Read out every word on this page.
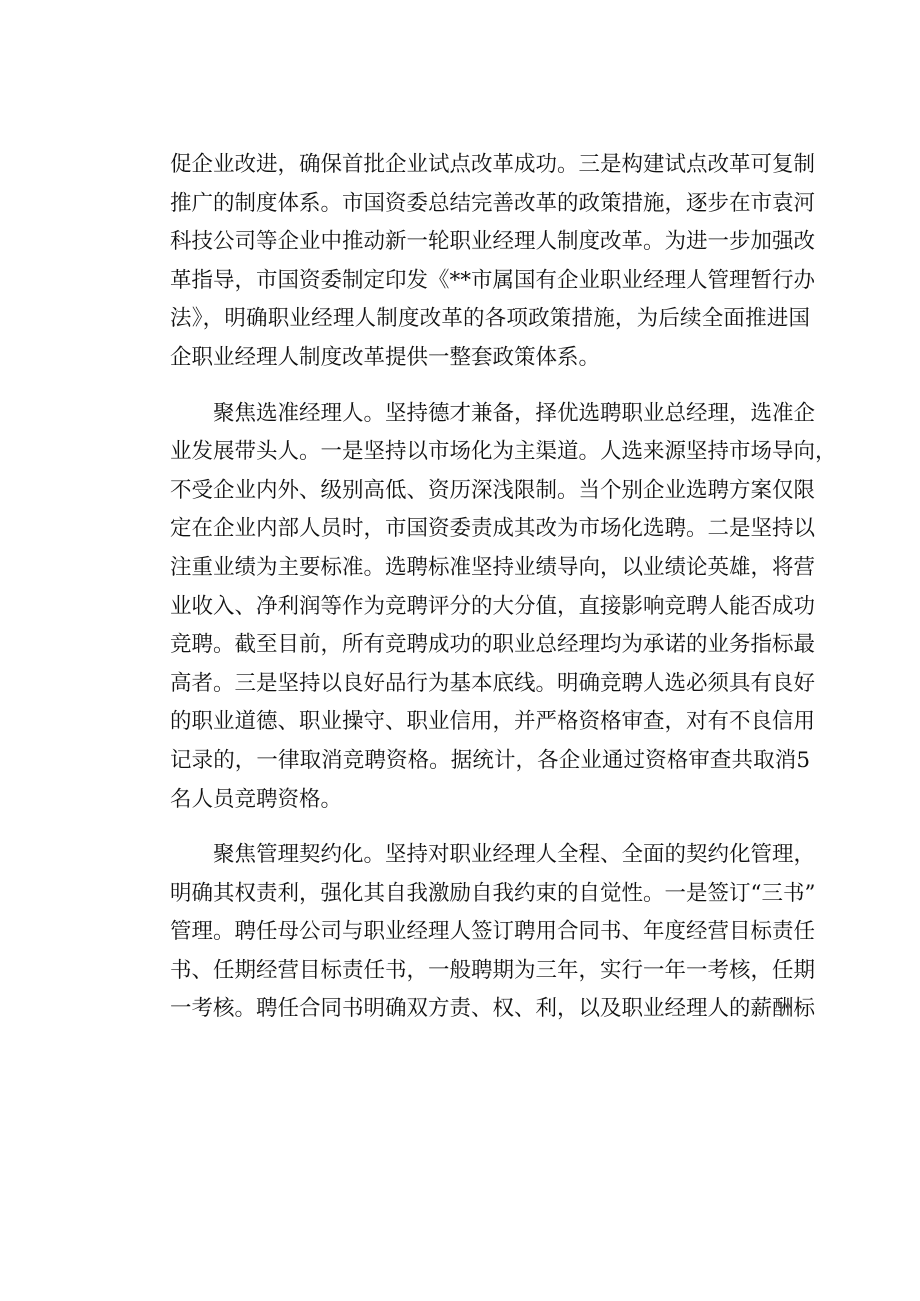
促企业改进，确保首批企业试点改革成功。三是构建试点改革可复制
推广的制度体系。市国资委总结完善改革的政策措施，逐步在市袁河
科技公司等企业中推动新一轮职业经理人制度改革。为进一步加强改
革指导，市国资委制定印发《**市属国有企业职业经理人管理暂行办
法》，明确职业经理人制度改革的各项政策措施，为后续全面推进国
企职业经理人制度改革提供一整套政策体系。

聚焦选准经理人。坚持德才兼备，择优选聘职业总经理，选准企
业发展带头人。一是坚持以市场化为主渠道。人选来源坚持市场导向，
不受企业内外、级别高低、资历深浅限制。当个别企业选聘方案仅限
定在企业内部人员时，市国资委责成其改为市场化选聘。二是坚持以
注重业绩为主要标准。选聘标准坚持业绩导向，以业绩论英雄，将营
业收入、净利润等作为竞聘评分的大分值，直接影响竞聘人能否成功
竞聘。截至目前，所有竞聘成功的职业总经理均为承诺的业务指标最
高者。三是坚持以良好品行为基本底线。明确竞聘人选必须具有良好
的职业道德、职业操守、职业信用，并严格资格审查，对有不良信用
记录的，一律取消竞聘资格。据统计，各企业通过资格审查共取消5
名人员竞聘资格。

聚焦管理契约化。坚持对职业经理人全程、全面的契约化管理，
明确其权责利，强化其自我激励自我约束的自觉性。一是签订“三书”
管理。聘任母公司与职业经理人签订聘用合同书、年度经营目标责任
书、任期经营目标责任书，一般聘期为三年，实行一年一考核，任期
一考核。聘任合同书明确双方责、权、利，以及职业经理人的薪酬标
